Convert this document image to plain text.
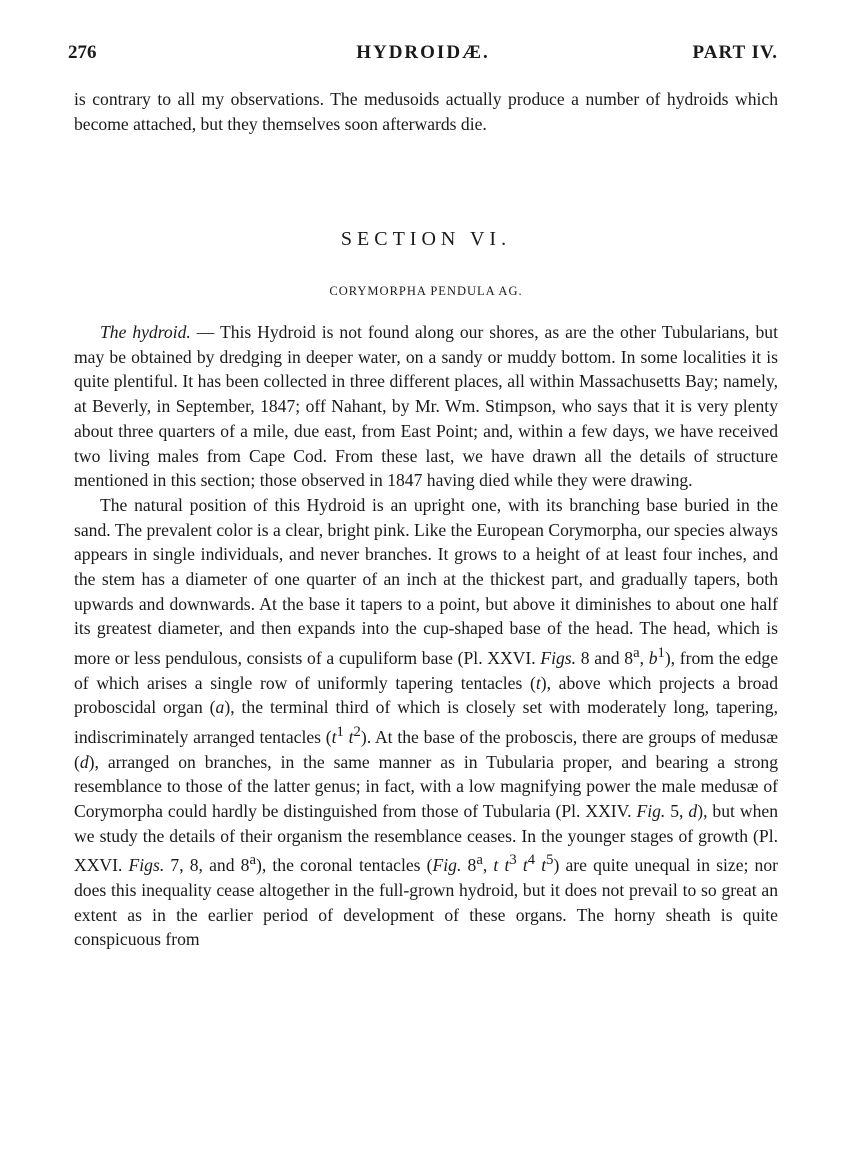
276	HYDROIDÆ.	PART IV.

is contrary to all my observations. The medusoids actually produce a number of hydroids which become attached, but they themselves soon afterwards die.

SECTION VI.
CORYMORPHA PENDULA AG.

The hydroid. — This Hydroid is not found along our shores, as are the other Tubularians, but may be obtained by dredging in deeper water, on a sandy or muddy bottom. In some localities it is quite plentiful. It has been collected in three different places, all within Massachusetts Bay; namely, at Beverly, in September, 1847; off Nahant, by Mr. Wm. Stimpson, who says that it is very plenty about three quarters of a mile, due east, from East Point; and, within a few days, we have received two living males from Cape Cod. From these last, we have drawn all the details of structure mentioned in this section; those observed in 1847 having died while they were drawing.

The natural position of this Hydroid is an upright one, with its branching base buried in the sand. The prevalent color is a clear, bright pink. Like the European Corymorpha, our species always appears in single individuals, and never branches. It grows to a height of at least four inches, and the stem has a diameter of one quarter of an inch at the thickest part, and gradually tapers, both upwards and downwards. At the base it tapers to a point, but above it diminishes to about one half its greatest diameter, and then expands into the cup-shaped base of the head. The head, which is more or less pendulous, consists of a cupuliform base (Pl. XXVI. Figs. 8 and 8$^a$, $b^1$), from the edge of which arises a single row of uniformly tapering tentacles (t), above which projects a broad proboscidal organ (a), the terminal third of which is closely set with moderately long, tapering, indiscriminately arranged tentacles ($t^1$ $t^2$). At the base of the proboscis, there are groups of medusæ (d), arranged on branches, in the same manner as in Tubularia proper, and bearing a strong resemblance to those of the latter genus; in fact, with a low magnifying power the male medusæ of Corymorpha could hardly be distinguished from those of Tubularia (Pl. XXIV. Fig. 5, d), but when we study the details of their organism the resemblance ceases. In the younger stages of growth (Pl. XXVI. Figs. 7, 8, and 8$^a$), the coronal tentacles (Fig. 8$^a$, t $t^3$ $t^4$ $t^5$) are quite unequal in size; nor does this inequality cease altogether in the full-grown hydroid, but it does not prevail to so great an extent as in the earlier period of development of these organs. The horny sheath is quite conspicuous from
